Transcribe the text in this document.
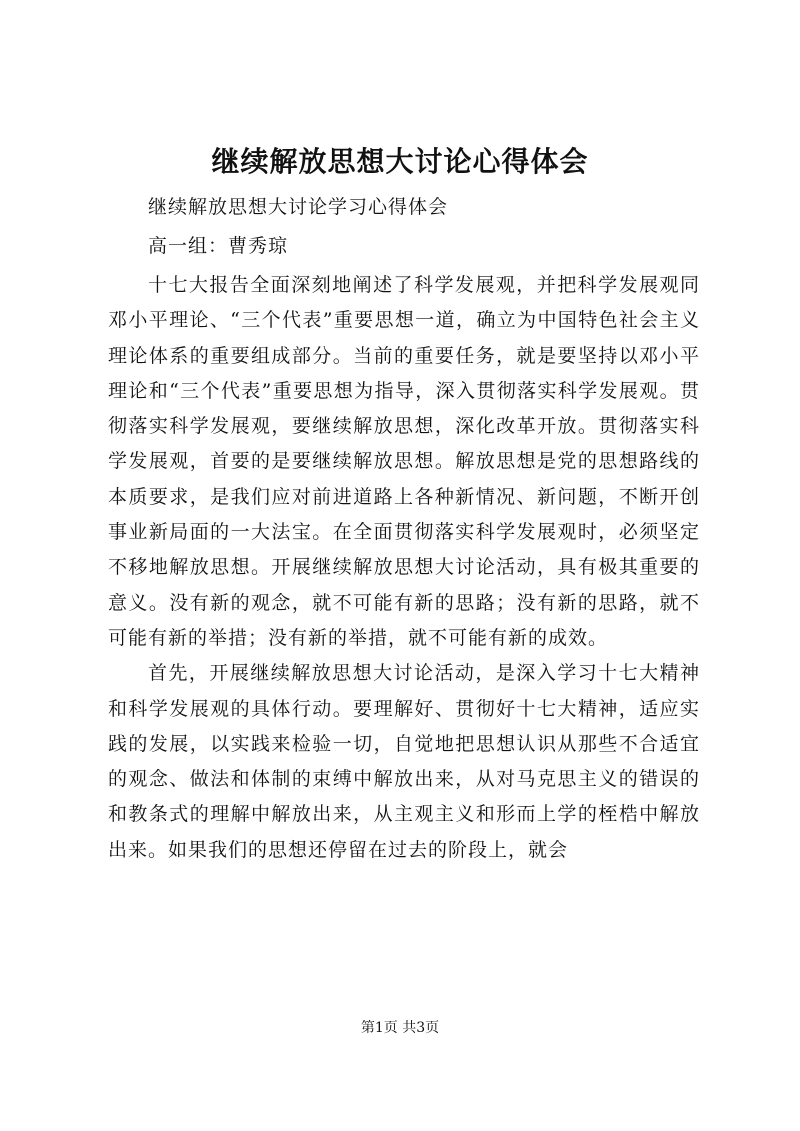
继续解放思想大讨论心得体会
继续解放思想大讨论学习心得体会
高一组：曹秀琼

十七大报告全面深刻地阐述了科学发展观，并把科学发展观同邓小平理论、“三个代表”重要思想一道，确立为中国特色社会主义理论体系的重要组成部分。当前的重要任务，就是要坚持以邓小平理论和“三个代表”重要思想为指导，深入贯彻落实科学发展观。贯彻落实科学发展观，要继续解放思想，深化改革开放。贯彻落实科学发展观，首要的是要继续解放思想。解放思想是党的思想路线的本质要求，是我们应对前进道路上各种新情况、新问题，不断开创事业新局面的一大法宝。在全面贯彻落实科学发展观时，必须坚定不移地解放思想。开展继续解放思想大讨论活动，具有极其重要的意义。没有新的观念，就不可能有新的思路；没有新的思路，就不可能有新的举措；没有新的举措，就不可能有新的成效。

首先，开展继续解放思想大讨论活动，是深入学习十七大精神和科学发展观的具体行动。要理解好、贯彻好十七大精神，适应实践的发展，以实践来检验一切，自觉地把思想认识从那些不合适宜的观念、做法和体制的束缚中解放出来，从对马克思主义的错误的和教条式的理解中解放出来，从主观主义和形而上学的桎梏中解放出来。如果我们的思想还停留在过去的阶段上，就会

第1页 共3页
